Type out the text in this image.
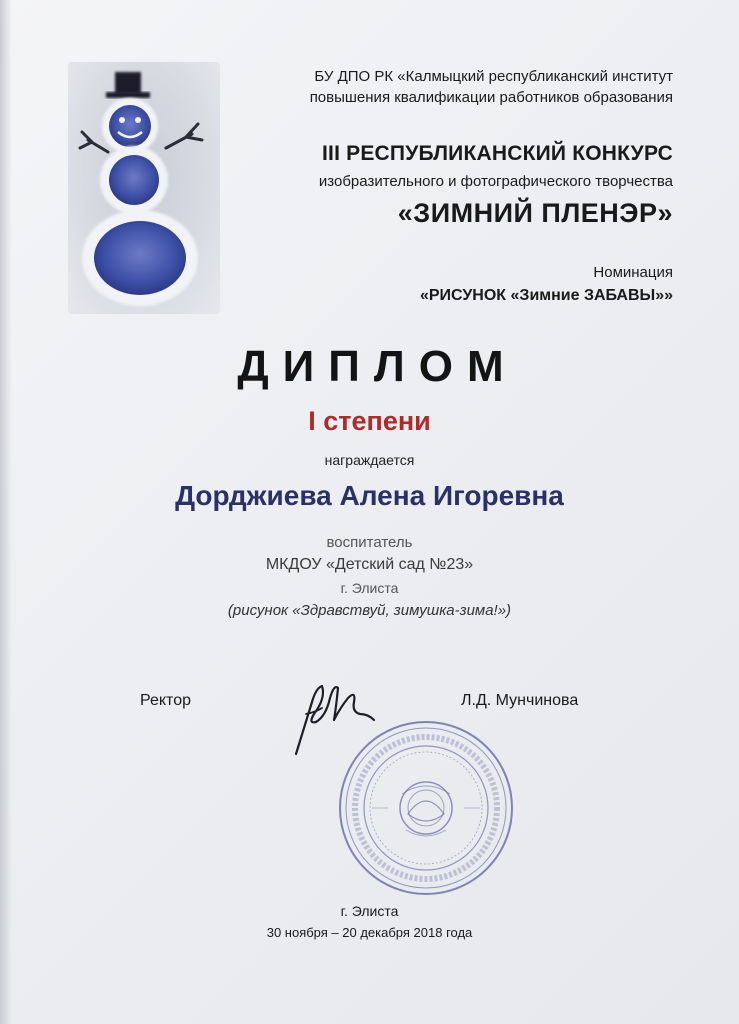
БУ ДПО РК «Калмыцкий республиканский институт
повышения квалификации работников образования
III РЕСПУБЛИКАНСКИЙ КОНКУРС
изобразительного и фотографического творчества
«ЗИМНИЙ ПЛЕНЭР»
Номинация
«РИСУНОК «Зимние ЗАБАВЫ»»
ДИПЛОМ
I степени
награждается
Дорджиева Алена Игоревна
воспитатель
МКДОУ «Детский сад №23»
г. Элиста
(рисунок «Здравствуй, зимушка-зима!»)
Ректор	Л.Д. Мунчинова
г. Элиста
30 ноября – 20 декабря 2018 года
